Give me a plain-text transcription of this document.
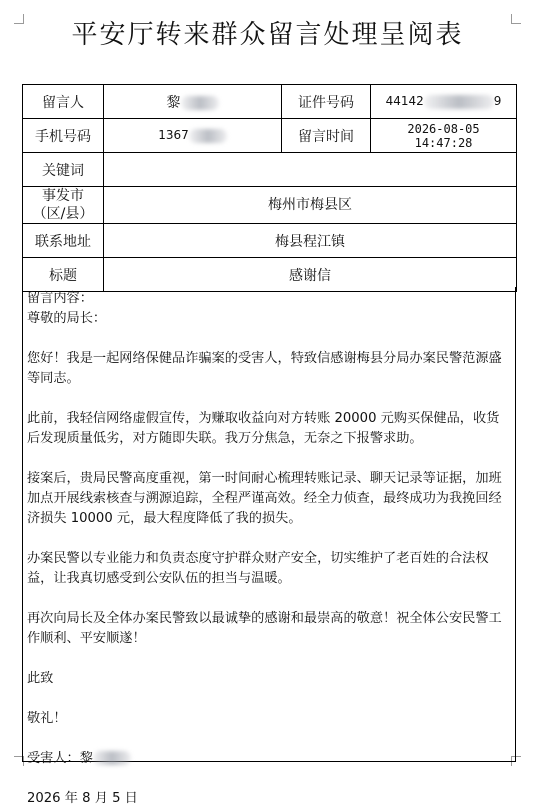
平安厅转来群众留言处理呈阅表
留言人	黎	证件号码	44142 9
手机号码	1367	留言时间	2026-08-05 14:47:28
关键词			
事发市（区/县）	梅州市梅县区		
联系地址	梅县程江镇		
标题	感谢信		

留言内容：

尊敬的局长：

您好！我是一起网络保健品诈骗案的受害人，特致信感谢梅县分局办案民警范源盛等同志。

此前，我轻信网络虚假宣传，为赚取收益向对方转账 20000 元购买保健品，收货后发现质量低劣，对方随即失联。我万分焦急，无奈之下报警求助。

接案后，贵局民警高度重视，第一时间耐心梳理转账记录、聊天记录等证据，加班加点开展线索核查与溯源追踪，全程严谨高效。经全力侦查，最终成功为我挽回经济损失 10000 元，最大程度降低了我的损失。

办案民警以专业能力和负责态度守护群众财产安全，切实维护了老百姓的合法权益，让我真切感受到公安队伍的担当与温暖。

再次向局长及全体办案民警致以最诚挚的感谢和最崇高的敬意！祝全体公安民警工作顺利、平安顺遂！

此致

敬礼！

受害人：黎

2026 年 8 月 5 日
